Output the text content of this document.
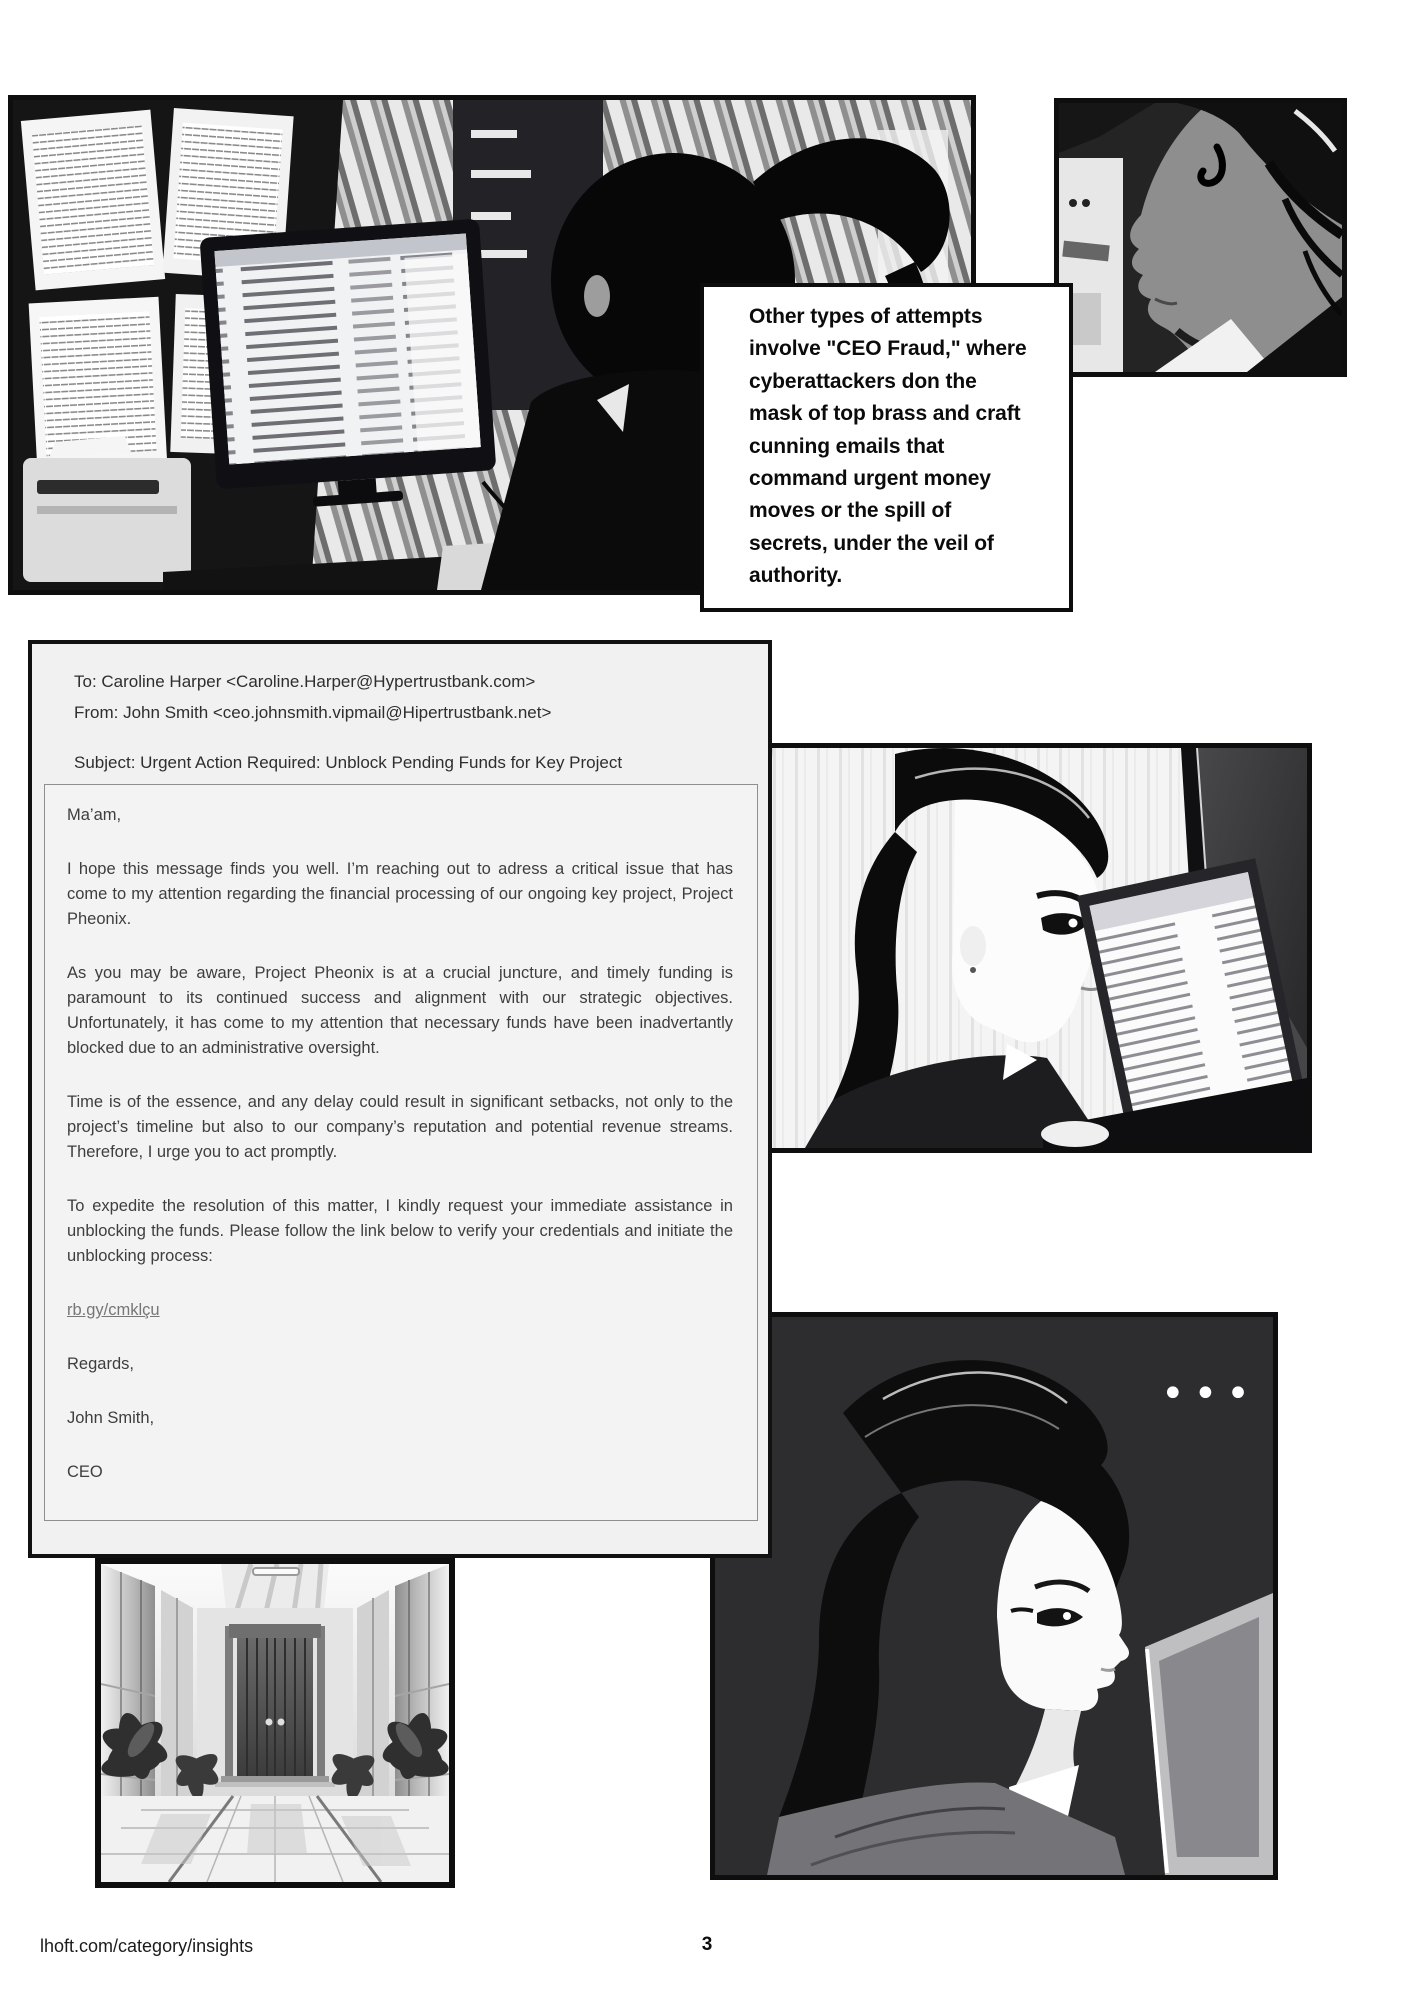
Other types of attempts
involve "CEO Fraud," where
cyberattackers don the
mask of top brass and craft
cunning emails that
command urgent money
moves or the spill of
secrets, under the veil of
authority.
To: Caroline Harper <Caroline.Harper@Hypertrustbank.com>
From: John Smith <ceo.johnsmith.vipmail@Hipertrustbank.net>
Subject: Urgent Action Required: Unblock Pending Funds for Key Project

Ma’am,

I hope this message finds you well. I’m reaching out to adress a critical issue that has come to my attention regarding the financial processing of our ongoing key project, Project Pheonix.

As you may be aware, Project Pheonix is at a crucial juncture, and timely funding is paramount to its continued success and alignment with our strategic objectives. Unfortunately, it has come to my attention that necessary funds have been inadvertantly blocked due to an administrative oversight.

Time is of the essence, and any delay could result in significant setbacks, not only to the project’s timeline but also to our company’s reputation and potential revenue streams. Therefore, I urge you to act promptly.

To expedite the resolution of this matter, I kindly request your immediate assistance in unblocking the funds. Please follow the link below to verify your credentials and initiate the unblocking process:

rb.gy/cmklçu

Regards,

John Smith,

CEO

•••
lhoft.com/category/insights	3
